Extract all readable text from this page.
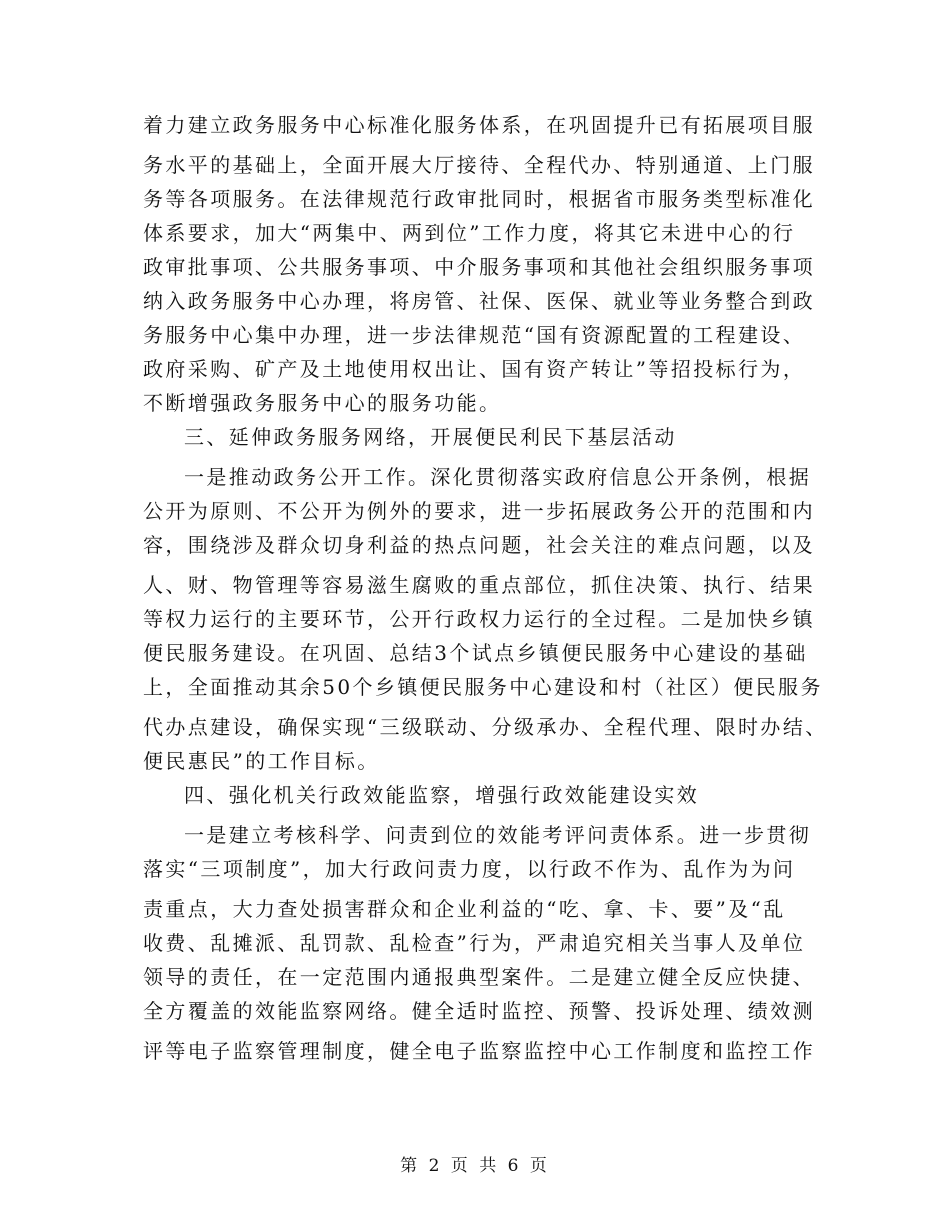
着力建立政务服务中心标准化服务体系，在巩固提升已有拓展项目服
务水平的基础上，全面开展大厅接待、全程代办、特别通道、上门服
务等各项服务。在法律规范行政审批同时，根据省市服务类型标准化
体系要求，加大“两集中、两到位”工作力度，将其它未进中心的行
政审批事项、公共服务事项、中介服务事项和其他社会组织服务事项
纳入政务服务中心办理，将房管、社保、医保、就业等业务整合到政
务服务中心集中办理，进一步法律规范“国有资源配置的工程建设、
政府采购、矿产及土地使用权出让、国有资产转让”等招投标行为，
不断增强政务服务中心的服务功能。
三、延伸政务服务网络，开展便民利民下基层活动
一是推动政务公开工作。深化贯彻落实政府信息公开条例，根据
公开为原则、不公开为例外的要求，进一步拓展政务公开的范围和内
容，围绕涉及群众切身利益的热点问题，社会关注的难点问题，以及
人、财、物管理等容易滋生腐败的重点部位，抓住决策、执行、结果
等权力运行的主要环节，公开行政权力运行的全过程。二是加快乡镇
便民服务建设。在巩固、总结3个试点乡镇便民服务中心建设的基础
上，全面推动其余50个乡镇便民服务中心建设和村（社区）便民服务
代办点建设，确保实现“三级联动、分级承办、全程代理、限时办结、
便民惠民”的工作目标。
四、强化机关行政效能监察，增强行政效能建设实效
一是建立考核科学、问责到位的效能考评问责体系。进一步贯彻
落实“三项制度”，加大行政问责力度，以行政不作为、乱作为为问
责重点，大力查处损害群众和企业利益的“吃、拿、卡、要”及“乱
收费、乱摊派、乱罚款、乱检查”行为，严肃追究相关当事人及单位
领导的责任，在一定范围内通报典型案件。二是建立健全反应快捷、
全方覆盖的效能监察网络。健全适时监控、预警、投诉处理、绩效测
评等电子监察管理制度，健全电子监察监控中心工作制度和监控工作
第 2 页 共 6 页
